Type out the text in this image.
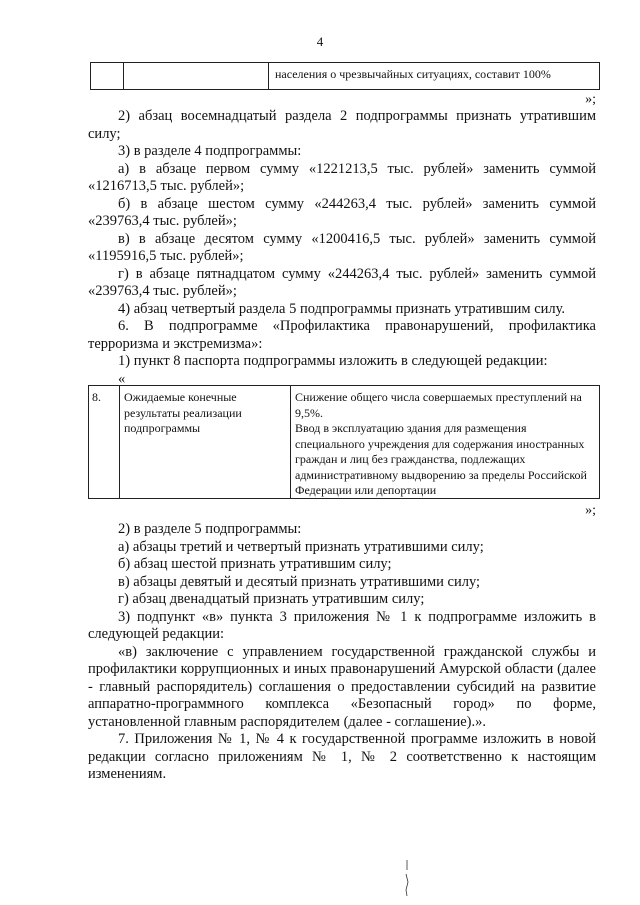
4
населения о чрезвычайных ситуациях, составит 100%
»;

2) абзац восемнадцатый раздела 2 подпрограммы признать утратившим силу;

3) в разделе 4 подпрограммы:

а) в абзаце первом сумму «1221213,5 тыс. рублей» заменить суммой «1216713,5 тыс. рублей»;

б) в абзаце шестом сумму «244263,4 тыс. рублей» заменить суммой «239763,4 тыс. рублей»;

в) в абзаце десятом сумму «1200416,5 тыс. рублей» заменить суммой «1195916,5 тыс. рублей»;

г) в абзаце пятнадцатом сумму «244263,4 тыс. рублей» заменить суммой «239763,4 тыс. рублей»;

4) абзац четвертый раздела 5 подпрограммы признать утратившим силу.

6. В подпрограмме «Профилактика правонарушений, профилактика терроризма и экстремизма»:

1) пункт 8 паспорта подпрограммы изложить в следующей редакции:

«

8.	Ожидаемые конечные результаты реализации подпрограммы
Снижение общего числа совершаемых преступлений на 9,5%.
Ввод в эксплуатацию здания для размещения специального учреждения для содержания иностранных граждан и лиц без гражданства, подлежащих административному выдворению за пределы Российской Федерации или депортации
»;

2) в разделе 5 подпрограммы:

а) абзацы третий и четвертый признать утратившими силу;

б) абзац шестой признать утратившим силу;

в) абзацы девятый и десятый признать утратившими силу;

г) абзац двенадцатый признать утратившим силу;

3) подпункт «в» пункта 3 приложения № 1 к подпрограмме изложить в следующей редакции:

«в) заключение с управлением государственной гражданской службы и профилактики коррупционных и иных правонарушений Амурской области (далее - главный распорядитель) соглашения о предоставлении субсидий на развитие аппаратно-программного комплекса «Безопасный город» по форме, установленной главным распорядителем (далее - соглашение).».

7. Приложения № 1, № 4 к государственной программе изложить в новой редакции согласно приложениям № 1, № 2 соответственно к настоящим изменениям.
